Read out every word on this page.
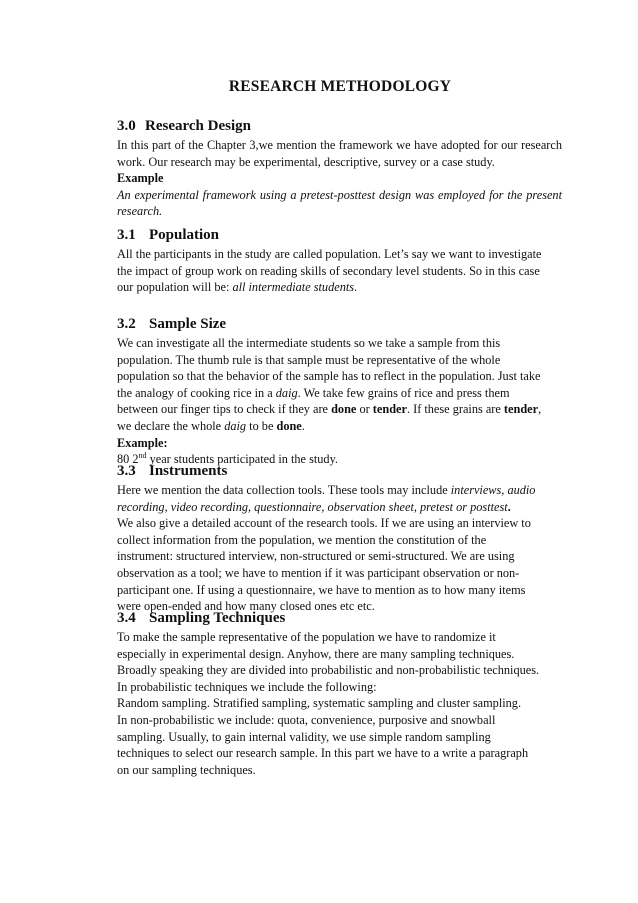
RESEARCH METHODOLOGY
3.0 Research Design
In this part of the Chapter 3,we mention the framework we have adopted for our research work. Our research may be experimental, descriptive, survey or a case study.
Example
An experimental framework using a pretest-posttest design was employed for the present research.
3.1 Population
All the participants in the study are called population. Let’s say we want to investigate
the impact of group work on reading skills of secondary level students. So in this case
our population will be: all intermediate students.
3.2 Sample Size
We can investigate all the intermediate students so we take a sample from this
population. The thumb rule is that sample must be representative of the whole
population so that the behavior of the sample has to reflect in the population. Just take
the analogy of cooking rice in a daig. We take few grains of rice and press them
between our finger tips to check if they are done or tender. If these grains are tender,
we declare the whole daig to be done.
Example:
80 2nd year students participated in the study.
3.3 Instruments
Here we mention the data collection tools. These tools may include interviews, audio
recording, video recording, questionnaire, observation sheet, pretest or posttest.
We also give a detailed account of the research tools. If we are using an interview to
collect information from the population, we mention the constitution of the
instrument: structured interview, non-structured or semi-structured. We are using
observation as a tool; we have to mention if it was participant observation or non-
participant one. If using a questionnaire, we have to mention as to how many items
were open-ended and how many closed ones etc etc.
3.4 Sampling Techniques
To make the sample representative of the population we have to randomize it
especially in experimental design. Anyhow, there are many sampling techniques.
Broadly speaking they are divided into probabilistic and non-probabilistic techniques.
In probabilistic techniques we include the following:
Random sampling. Stratified sampling, systematic sampling and cluster sampling.
In non-probabilistic we include: quota, convenience, purposive and snowball
sampling. Usually, to gain internal validity, we use simple random sampling
techniques to select our research sample. In this part we have to a write a paragraph
on our sampling techniques.
